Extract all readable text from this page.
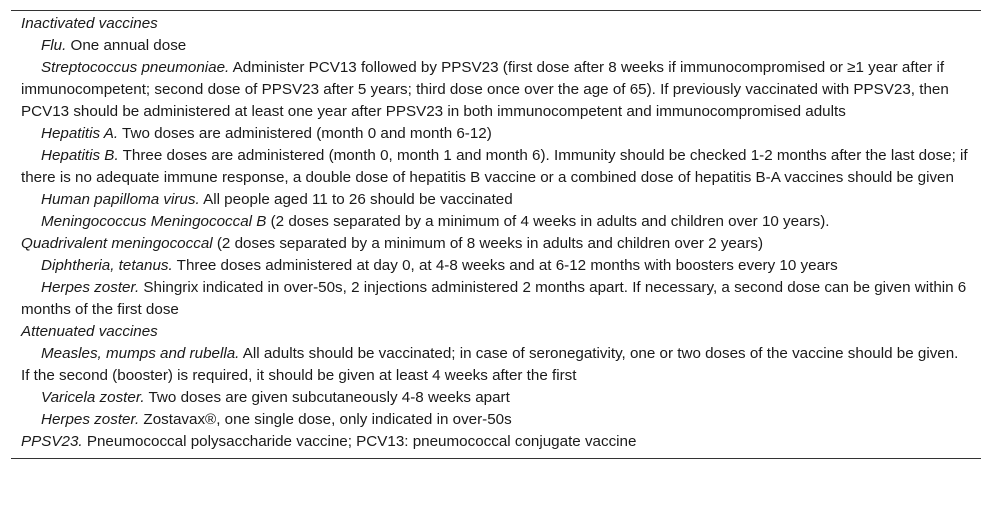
Inactivated vaccines

Flu. One annual dose

Streptococcus pneumoniae. Administer PCV13 followed by PPSV23 (first dose after 8 weeks if immunocompromised or ≥1 year after if immunocompetent; second dose of PPSV23 after 5 years; third dose once over the age of 65). If previously vaccinated with PPSV23, then PCV13 should be administered at least one year after PPSV23 in both immunocompetent and immunocompromised adults

Hepatitis A. Two doses are administered (month 0 and month 6-12)

Hepatitis B. Three doses are administered (month 0, month 1 and month 6). Immunity should be checked 1-2 months after the last dose; if there is no adequate immune response, a double dose of hepatitis B vaccine or a combined dose of hepatitis B-A vaccines should be given

Human papilloma virus. All people aged 11 to 26 should be vaccinated

Meningococcus Meningococcal B (2 doses separated by a minimum of 4 weeks in adults and children over 10 years).

Quadrivalent meningococcal (2 doses separated by a minimum of 8 weeks in adults and children over 2 years)

Diphtheria, tetanus. Three doses administered at day 0, at 4-8 weeks and at 6-12 months with boosters every 10 years

Herpes zoster. Shingrix indicated in over-50s, 2 injections administered 2 months apart. If necessary, a second dose can be given within 6 months of the first dose

Attenuated vaccines

Measles, mumps and rubella. All adults should be vaccinated; in case of seronegativity, one or two doses of the vaccine should be given. If the second (booster) is required, it should be given at least 4 weeks after the first

Varicela zoster. Two doses are given subcutaneously 4-8 weeks apart

Herpes zoster. Zostavax®, one single dose, only indicated in over-50s

PPSV23. Pneumococcal polysaccharide vaccine; PCV13: pneumococcal conjugate vaccine
